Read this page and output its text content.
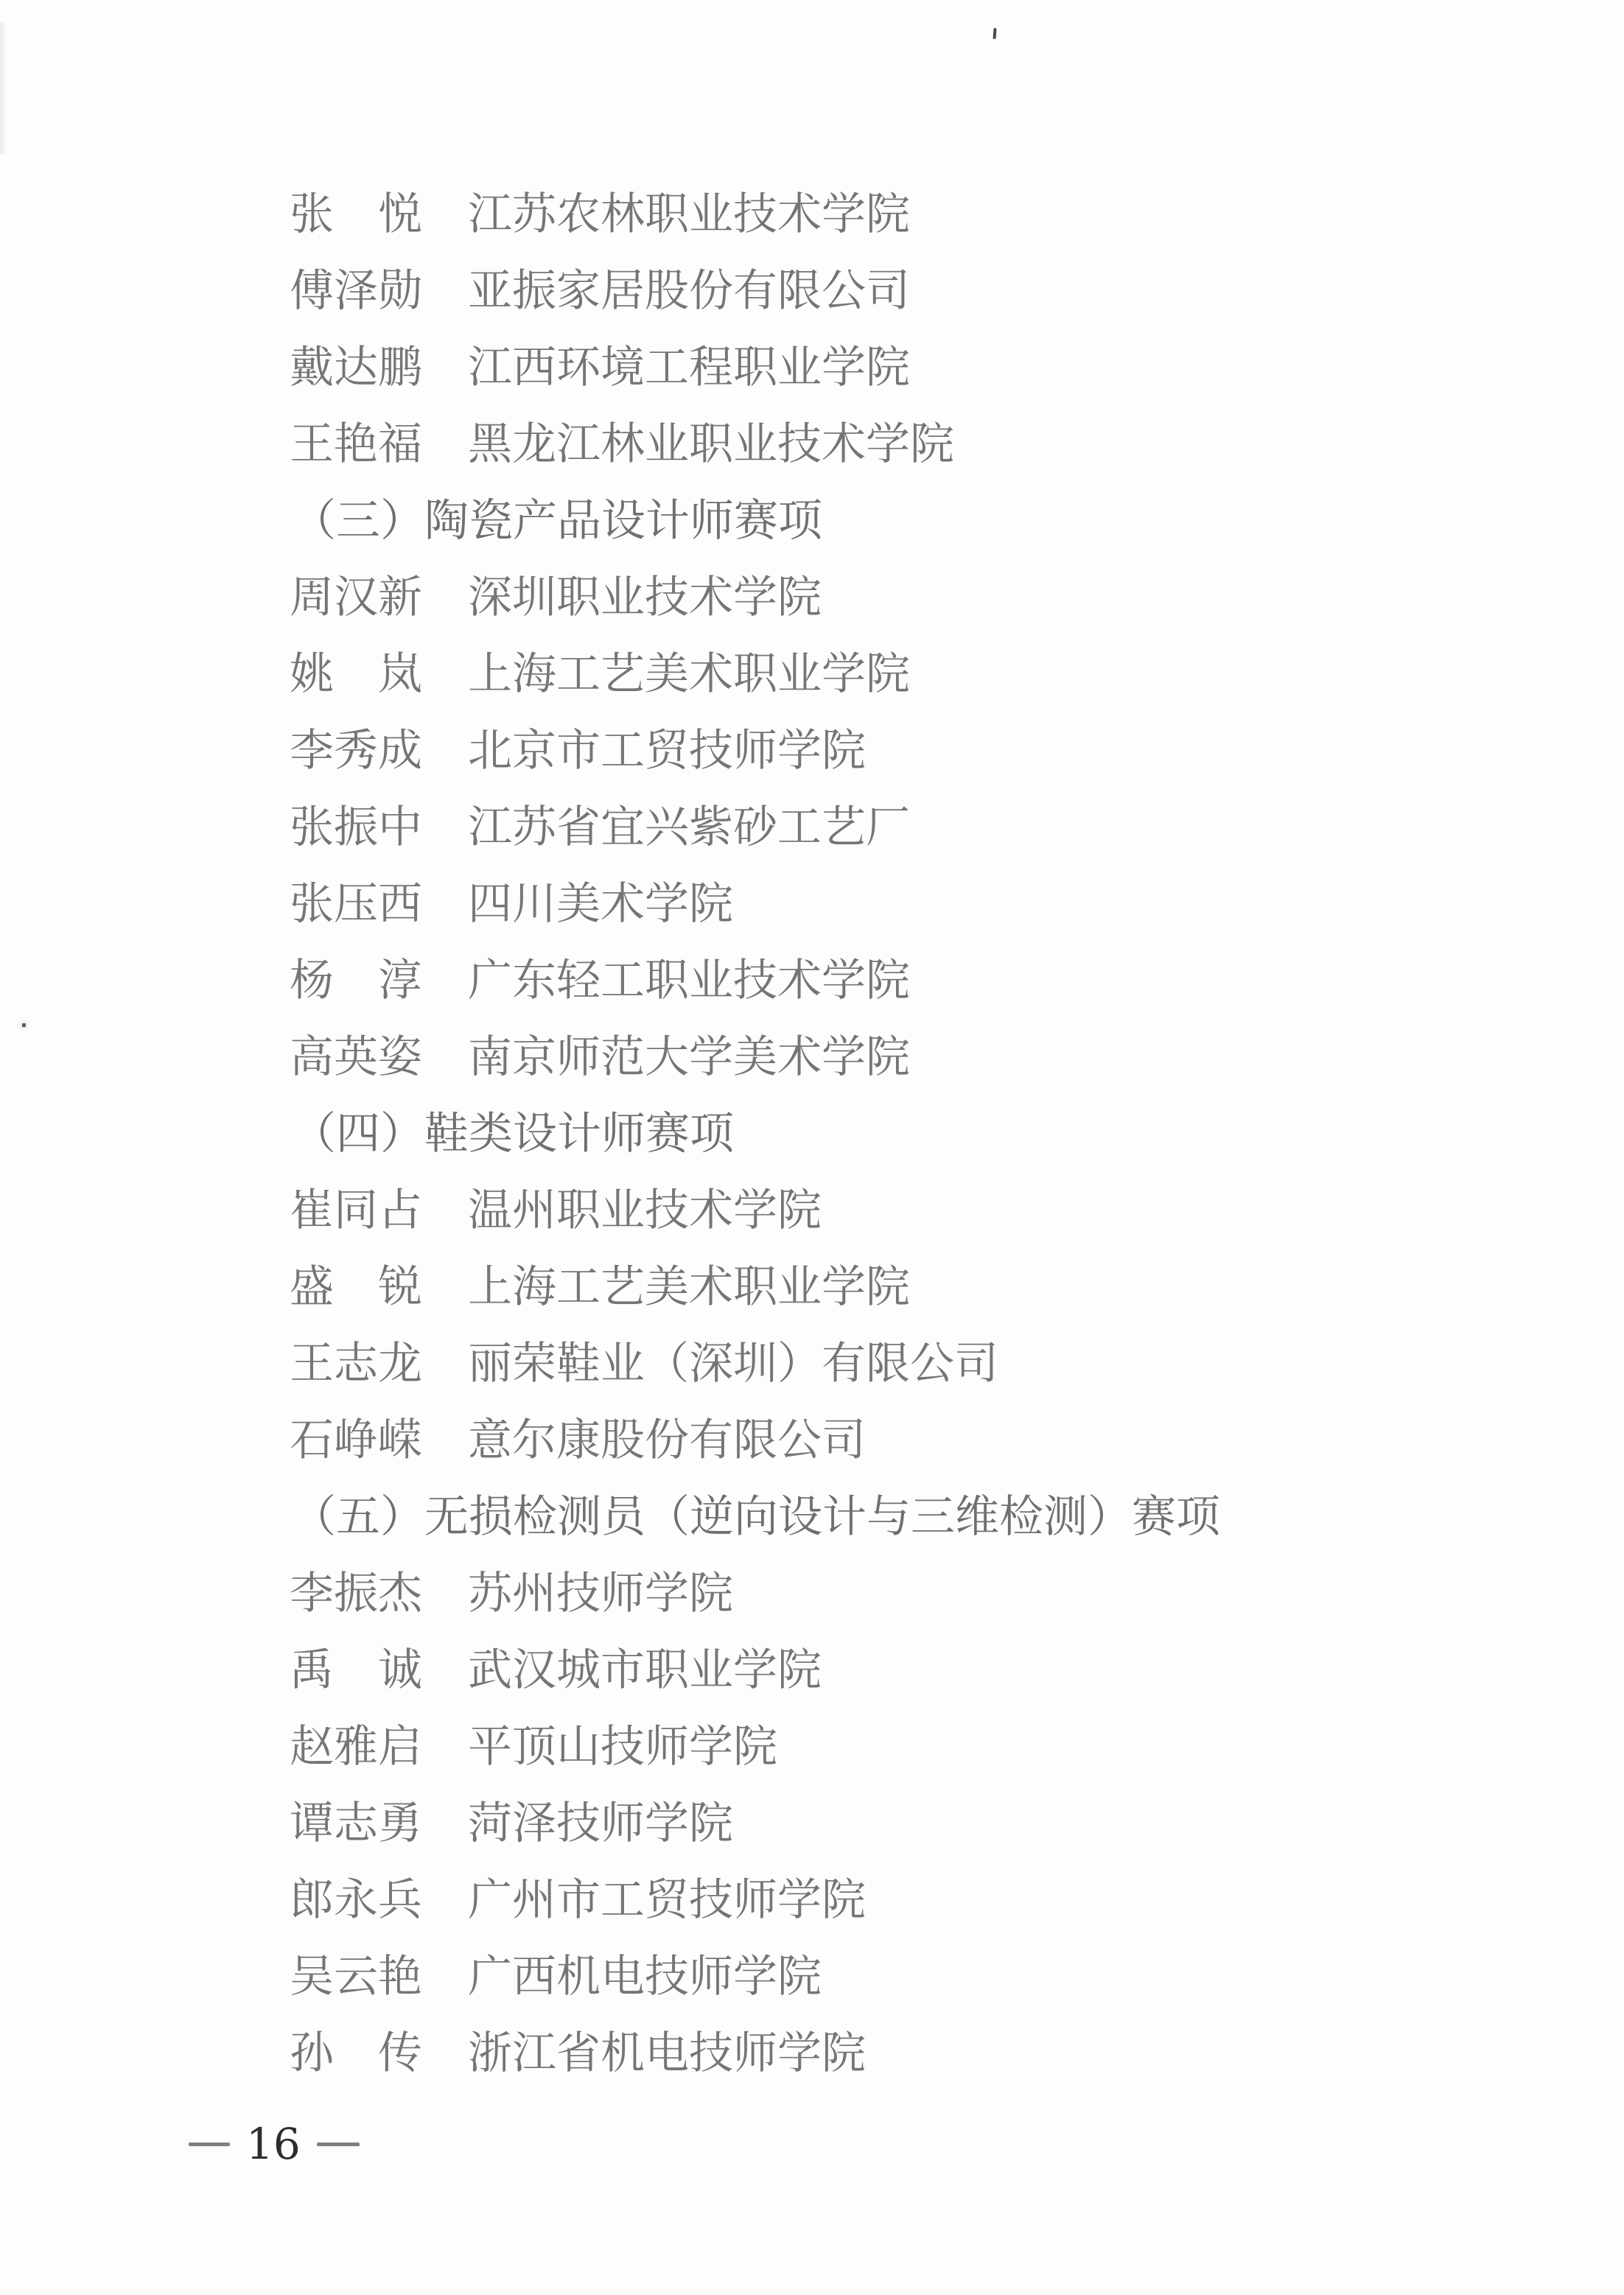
张　悦 江苏农林职业技术学院
傅泽勋 亚振家居股份有限公司
戴达鹏 江西环境工程职业学院
王艳福 黑龙江林业职业技术学院
（三）陶瓷产品设计师赛项
周汉新 深圳职业技术学院
姚　岚 上海工艺美术职业学院
李秀成 北京市工贸技师学院
张振中 江苏省宜兴紫砂工艺厂
张压西 四川美术学院
杨　淳 广东轻工职业技术学院
高英姿 南京师范大学美术学院
（四）鞋类设计师赛项
崔同占 温州职业技术学院
盛　锐 上海工艺美术职业学院
王志龙 丽荣鞋业（深圳）有限公司
石峥嵘 意尔康股份有限公司
（五）无损检测员（逆向设计与三维检测）赛项
李振杰 苏州技师学院
禹　诚 武汉城市职业学院
赵雅启 平顶山技师学院
谭志勇 菏泽技师学院
郎永兵 广州市工贸技师学院
吴云艳 广西机电技师学院
孙　传 浙江省机电技师学院
16
